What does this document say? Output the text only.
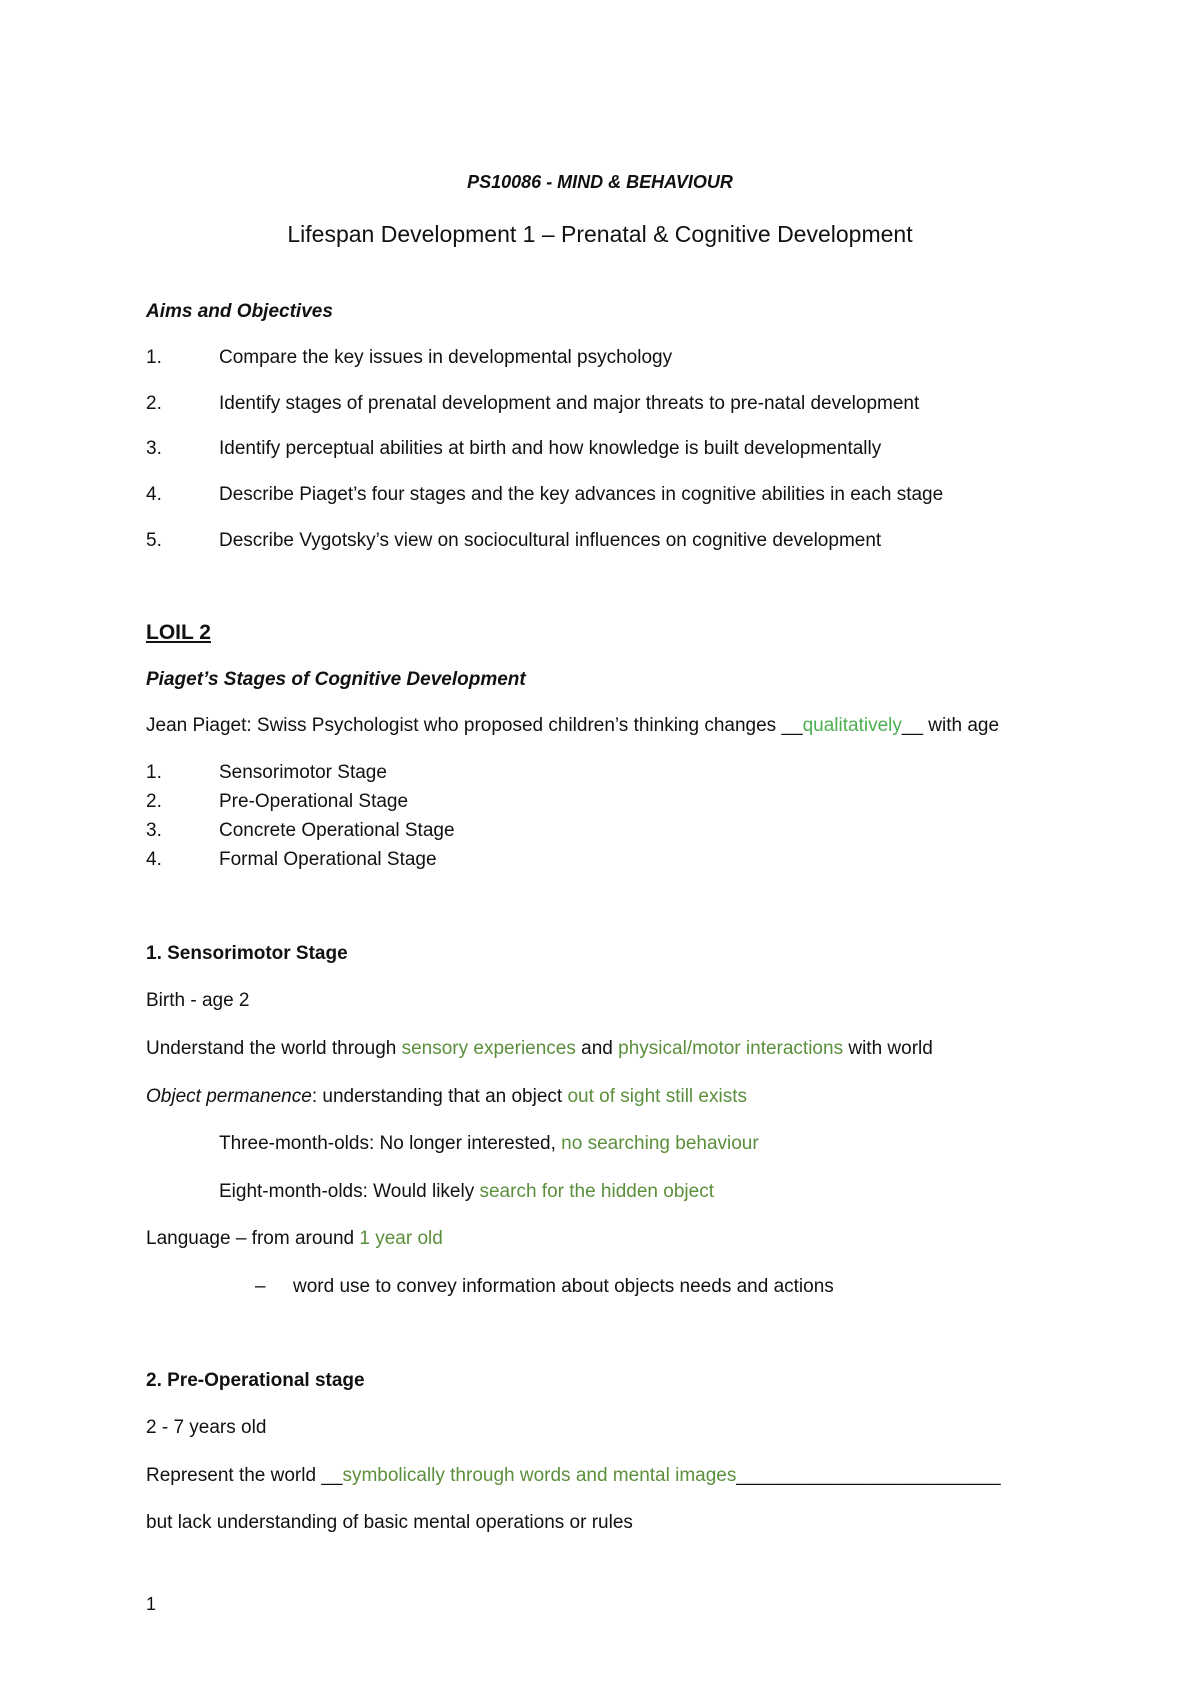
PS10086 - MIND & BEHAVIOUR
Lifespan Development 1 – Prenatal & Cognitive Development
Aims and Objectives
1.	Compare the key issues in developmental psychology
2.	Identify stages of prenatal development and major threats to pre-natal development
3.	Identify perceptual abilities at birth and how knowledge is built developmentally
4.	Describe Piaget’s four stages and the key advances in cognitive abilities in each stage
5.	Describe Vygotsky’s view on sociocultural influences on cognitive development
LOIL 2
Piaget’s Stages of Cognitive Development
Jean Piaget: Swiss Psychologist who proposed children’s thinking changes __qualitatively__ with age
1.	Sensorimotor Stage
2.	Pre-Operational Stage
3.	Concrete Operational Stage
4.	Formal Operational Stage
1. Sensorimotor Stage
Birth - age 2
Understand the world through sensory experiences and physical/motor interactions with world
Object permanence: understanding that an object out of sight still exists
Three-month-olds: No longer interested, no searching behaviour
Eight-month-olds: Would likely search for the hidden object
Language – from around 1 year old
– word use to convey information about objects needs and actions
2. Pre-Operational stage
2 - 7 years old
Represent the world __symbolically through words and mental images_________________________
but lack understanding of basic mental operations or rules
1
